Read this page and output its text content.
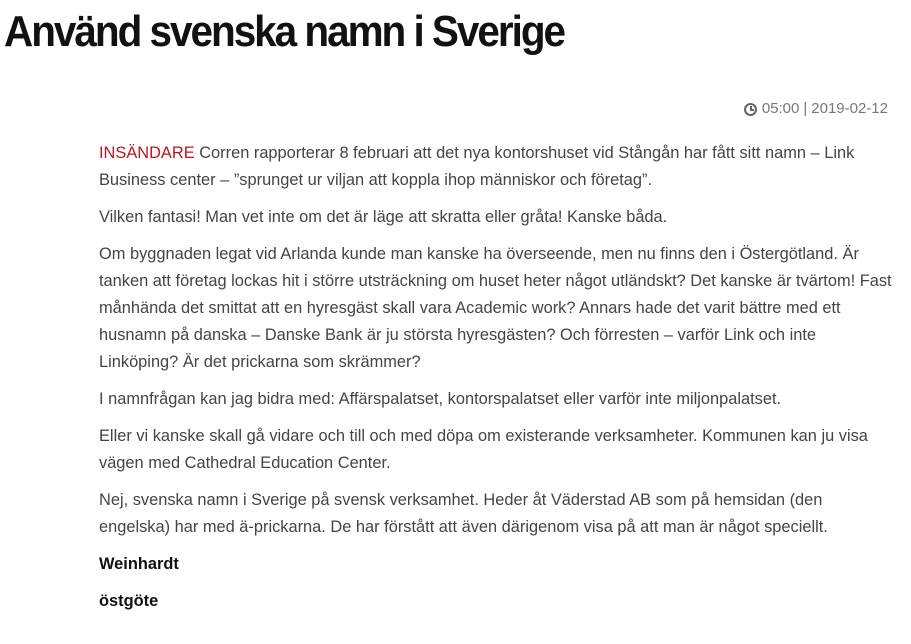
Använd svenska namn i Sverige
05:00 | 2019-02-12

INSÄNDARE Corren rapporterar 8 februari att det nya kontorshuset vid Stångån har fått sitt namn – Link Business center – ”sprunget ur viljan att koppla ihop människor och företag”.

Vilken fantasi! Man vet inte om det är läge att skratta eller gråta! Kanske båda.

Om byggnaden legat vid Arlanda kunde man kanske ha överseende, men nu finns den i Östergötland. Är tanken att företag lockas hit i större utsträckning om huset heter något utländskt? Det kanske är tvärtom! Fast månhända det smittat att en hyresgäst skall vara Academic work? Annars hade det varit bättre med ett husnamn på danska – Danske Bank är ju största hyresgästen? Och förresten – varför Link och inte Linköping? Är det prickarna som skrämmer?

I namnfrågan kan jag bidra med: Affärspalatset, kontorspalatset eller varför inte miljonpalatset.

Eller vi kanske skall gå vidare och till och med döpa om existerande verksamheter. Kommunen kan ju visa vägen med Cathedral Education Center.

Nej, svenska namn i Sverige på svensk verksamhet. Heder åt Väderstad AB som på hemsidan (den engelska) har med ä-prickarna. De har förstått att även därigenom visa på att man är något speciellt.

Weinhardt

östgöte
